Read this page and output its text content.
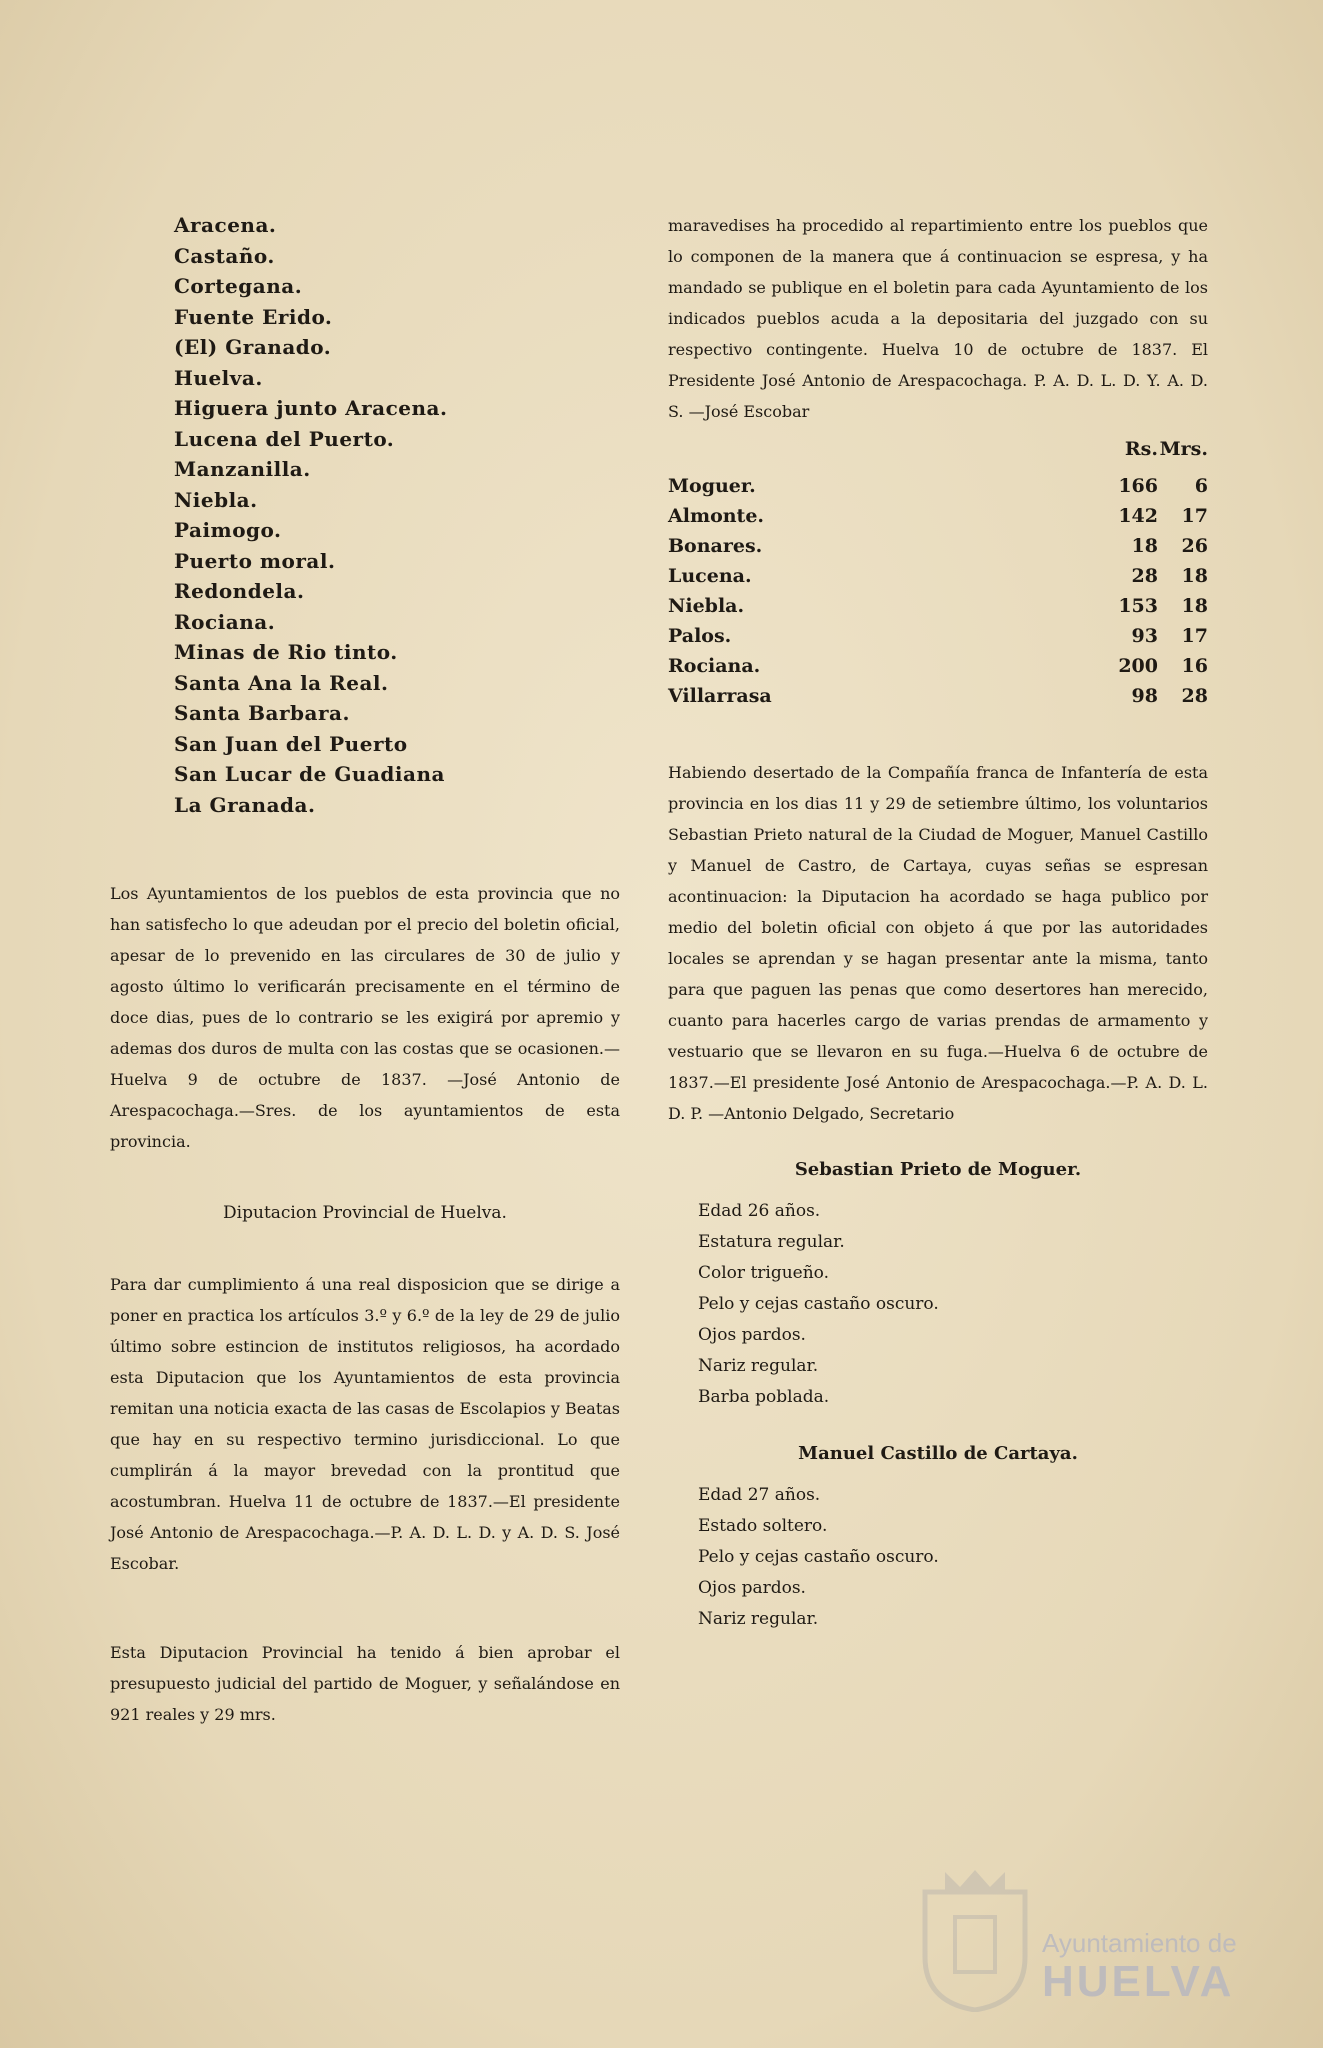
Aracena.
Castaño.
Cortegana.
Fuente Erido.
(El) Granado.
Huelva.
Higuera junto Aracena.
Lucena del Puerto.
Manzanilla.
Niebla.
Paimogo.
Puerto moral.
Redondela.
Rociana.
Minas de Rio tinto.
Santa Ana la Real.
Santa Barbara.
San Juan del Puerto
San Lucar de Guadiana
La Granada.

Los Ayuntamientos de los pueblos de esta provincia que no han satisfecho lo que adeudan por el precio del boletin oficial, apesar de lo prevenido en las circulares de 30 de julio y agosto último lo verificarán precisamente en el término de doce dias, pues de lo contrario se les exigirá por apremio y ademas dos duros de multa con las costas que se ocasionen.—Huelva 9 de octubre de 1837. —José Antonio de Arespacochaga.—Sres. de los ayuntamientos de esta provincia.

Diputacion Provincial de Huelva.

Para dar cumplimiento á una real disposicion que se dirige a poner en practica los artículos 3.º y 6.º de la ley de 29 de julio último sobre estincion de institutos religiosos, ha acordado esta Diputacion que los Ayuntamientos de esta provincia remitan una noticia exacta de las casas de Escolapios y Beatas que hay en su respectivo termino jurisdiccional. Lo que cumplirán á la mayor brevedad con la prontitud que acostumbran. Huelva 11 de octubre de 1837.—El presidente José Antonio de Arespacochaga.—P. A. D. L. D. y A. D. S. José Escobar.

Esta Diputacion Provincial ha tenido á bien aprobar el presupuesto judicial del partido de Moguer, y señalándose en 921 reales y 29 mrs.

maravedises ha procedido al repartimiento entre los pueblos que lo componen de la manera que á continuacion se espresa, y ha mandado se publique en el boletin para cada Ayuntamiento de los indicados pueblos acuda a la depositaria del juzgado con su respectivo contingente. Huelva 10 de octubre de 1837. El Presidente José Antonio de Arespacochaga. P. A. D. L. D. Y. A. D. S. —José Escobar

Rs. Mrs.
Moguer.	166	6
Almonte.	142	17
Bonares.	18	26
Lucena.	28	18
Niebla.	153	18
Palos.	93	17
Rociana.	200	16
Villarrasa	98	28

Habiendo desertado de la Compañía franca de Infantería de esta provincia en los dias 11 y 29 de setiembre último, los voluntarios Sebastian Prieto natural de la Ciudad de Moguer, Manuel Castillo y Manuel de Castro, de Cartaya, cuyas señas se espresan acontinuacion: la Diputacion ha acordado se haga publico por medio del boletin oficial con objeto á que por las autoridades locales se aprendan y se hagan presentar ante la misma, tanto para que paguen las penas que como desertores han merecido, cuanto para hacerles cargo de varias prendas de armamento y vestuario que se llevaron en su fuga.—Huelva 6 de octubre de 1837.—El presidente José Antonio de Arespacochaga.—P. A. D. L. D. P. —Antonio Delgado, Secretario

Sebastian Prieto de Moguer.

Edad 26 años.
Estatura regular.
Color trigueño.
Pelo y cejas castaño oscuro.
Ojos pardos.
Nariz regular.
Barba poblada.

Manuel Castillo de Cartaya.

Edad 27 años.
Estado soltero.
Pelo y cejas castaño oscuro.
Ojos pardos.
Nariz regular.
Ayuntamiento de
HUELVA
